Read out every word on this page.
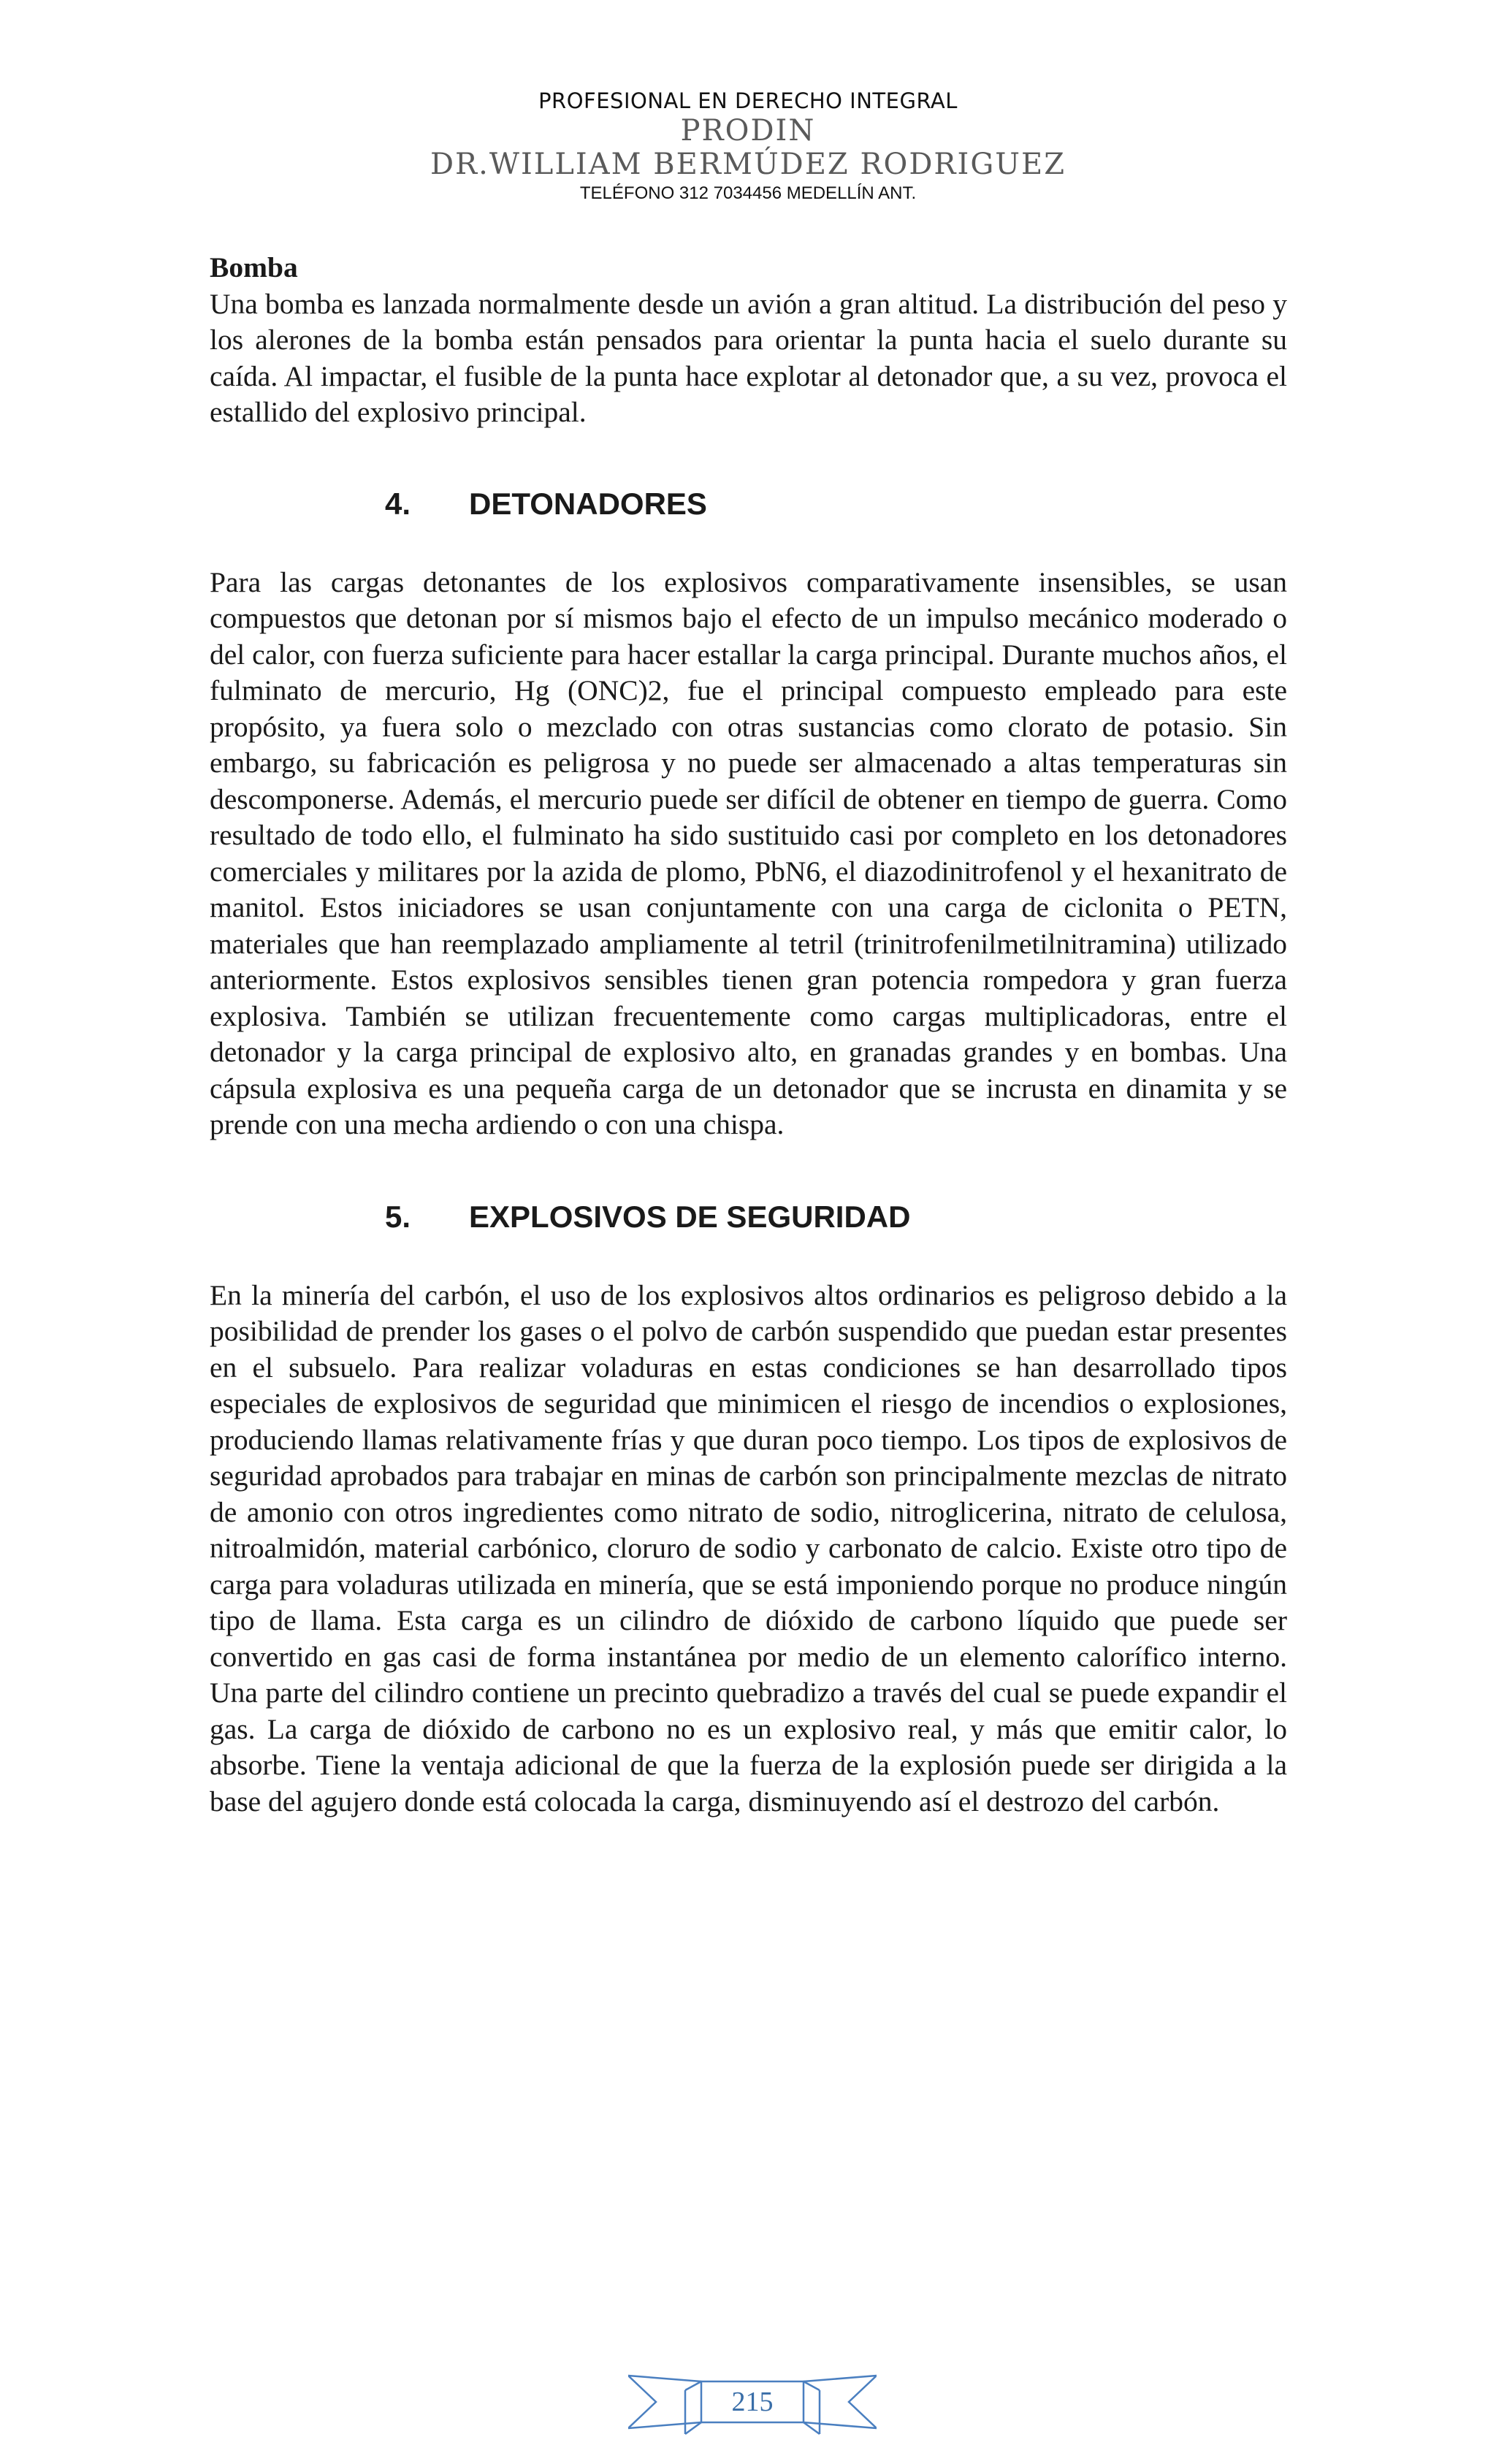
PROFESIONAL EN DERECHO INTEGRAL
PRODIN
DR.WILLIAM BERMÚDEZ RODRIGUEZ
TELÉFONO 312 7034456 MEDELLÍN ANT.

Bomba

Una bomba es lanzada normalmente desde un avión a gran altitud. La distribución del peso y los alerones de la bomba están pensados para orientar la punta hacia el suelo durante su caída. Al impactar, el fusible de la punta hace explotar al detonador que, a su vez, provoca el estallido del explosivo principal.

4.	DETONADORES

Para las cargas detonantes de los explosivos comparativamente insensibles, se usan compuestos que detonan por sí mismos bajo el efecto de un impulso mecánico moderado o del calor, con fuerza suficiente para hacer estallar la carga principal. Durante muchos años, el fulminato de mercurio, Hg (ONC)2, fue el principal compuesto empleado para este propósito, ya fuera solo o mezclado con otras sustancias como clorato de potasio. Sin embargo, su fabricación es peligrosa y no puede ser almacenado a altas temperaturas sin descomponerse. Además, el mercurio puede ser difícil de obtener en tiempo de guerra. Como resultado de todo ello, el fulminato ha sido sustituido casi por completo en los detonadores comerciales y militares por la azida de plomo, PbN6, el diazodinitrofenol y el hexanitrato de manitol. Estos iniciadores se usan conjuntamente con una carga de ciclonita o PETN, materiales que han reemplazado ampliamente al tetril (trinitrofenilmetilnitramina) utilizado anteriormente. Estos explosivos sensibles tienen gran potencia rompedora y gran fuerza explosiva. También se utilizan frecuentemente como cargas multiplicadoras, entre el detonador y la carga principal de explosivo alto, en granadas grandes y en bombas. Una cápsula explosiva es una pequeña carga de un detonador que se incrusta en dinamita y se prende con una mecha ardiendo o con una chispa.

5.	EXPLOSIVOS DE SEGURIDAD

En la minería del carbón, el uso de los explosivos altos ordinarios es peligroso debido a la posibilidad de prender los gases o el polvo de carbón suspendido que puedan estar presentes en el subsuelo. Para realizar voladuras en estas condiciones se han desarrollado tipos especiales de explosivos de seguridad que minimicen el riesgo de incendios o explosiones, produciendo llamas relativamente frías y que duran poco tiempo. Los tipos de explosivos de seguridad aprobados para trabajar en minas de carbón son principalmente mezclas de nitrato de amonio con otros ingredientes como nitrato de sodio, nitroglicerina, nitrato de celulosa, nitroalmidón, material carbónico, cloruro de sodio y carbonato de calcio. Existe otro tipo de carga para voladuras utilizada en minería, que se está imponiendo porque no produce ningún tipo de llama. Esta carga es un cilindro de dióxido de carbono líquido que puede ser convertido en gas casi de forma instantánea por medio de un elemento calorífico interno. Una parte del cilindro contiene un precinto quebradizo a través del cual se puede expandir el gas. La carga de dióxido de carbono no es un explosivo real, y más que emitir calor, lo absorbe. Tiene la ventaja adicional de que la fuerza de la explosión puede ser dirigida a la base del agujero donde está colocada la carga, disminuyendo así el destrozo del carbón.

215
